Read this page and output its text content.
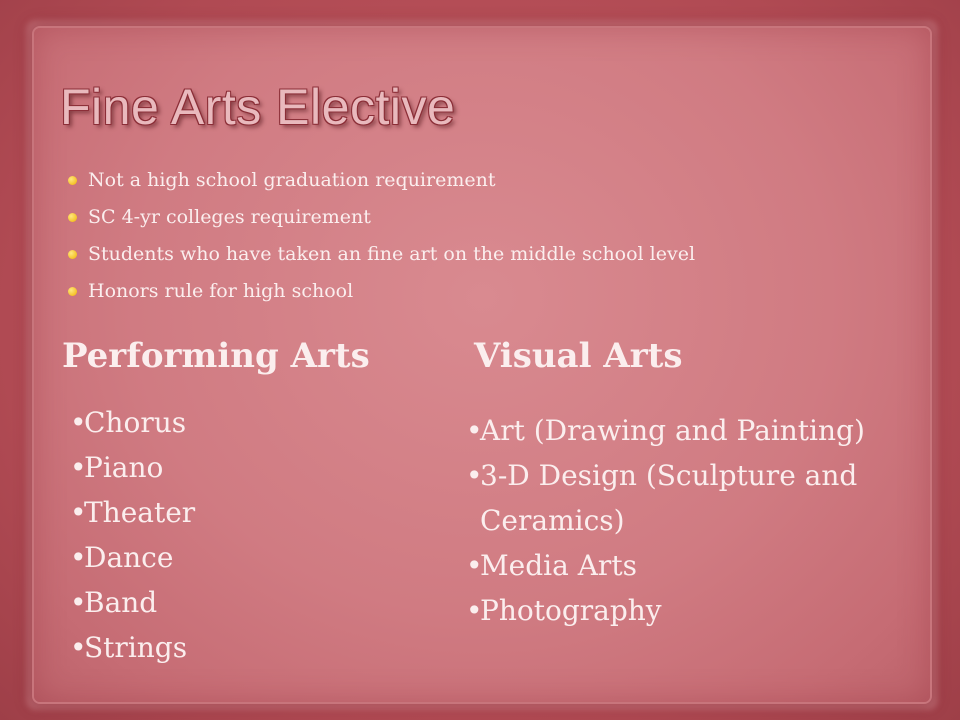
Fine Arts Elective
Not a high school graduation requirement
SC 4-yr colleges requirement
Students who have taken an fine art on the middle school level
Honors rule for high school
Performing Arts	Visual Arts
•
Chorus
•
Piano
•
Theater
•
Dance
•
Band
•
Strings
•
Art (Drawing and Painting)
•
3-D Design (Sculpture and Ceramics)
•
Media Arts
•
Photography
